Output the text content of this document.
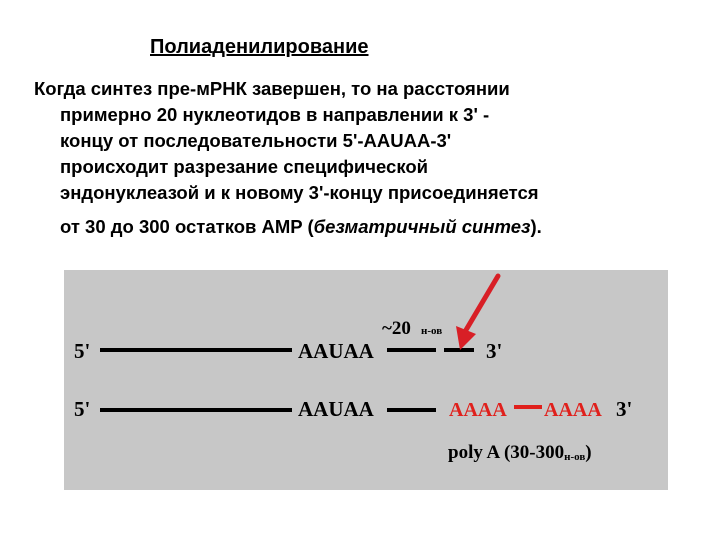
Полиаденилирование
Когда синтез пре-мРНК завершен, то на расстоянии
примерно 20 нуклеотидов в направлении к 3' -
концу от последовательности 5'-AAUAA-3'
происходит разрезание специфической
эндонуклеазой и к новому 3'-концу присоединяется
от 30 до 300 остатков AMP (безматричный синтез).
5'	AAUAA
~20 н-ов
3'
5'	AAUAA	AAAA AAAA 3'
poly A (30-300н-ов)
